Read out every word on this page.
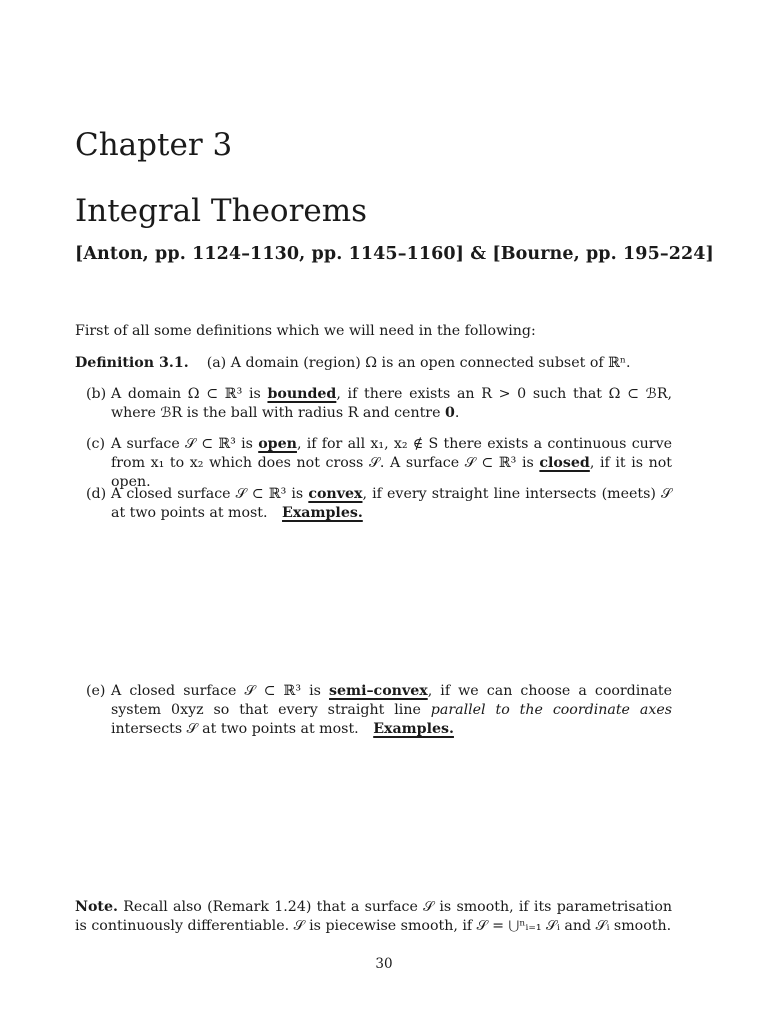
Chapter 3
Integral Theorems
[Anton, pp. 1124–1130, pp. 1145–1160] & [Bourne, pp. 195–224]
First of all some definitions which we will need in the following:
Definition 3.1. (a) A domain (region) Ω is an open connected subset of ℝⁿ.
(b) A domain Ω ⊂ ℝ³ is bounded, if there exists an R > 0 such that Ω ⊂ ℬR, where ℬR is the ball with radius R and centre 0.
(c) A surface 𝒮 ⊂ ℝ³ is open, if for all x₁, x₂ ∉ S there exists a continuous curve from x₁ to x₂ which does not cross 𝒮. A surface 𝒮 ⊂ ℝ³ is closed, if it is not open.
(d) A closed surface 𝒮 ⊂ ℝ³ is convex, if every straight line intersects (meets) 𝒮 at two points at most. Examples.
(e) A closed surface 𝒮 ⊂ ℝ³ is semi–convex, if we can choose a coordinate system 0xyz so that every straight line parallel to the coordinate axes intersects 𝒮 at two points at most. Examples.
Note. Recall also (Remark 1.24) that a surface 𝒮 is smooth, if its parametrisation is continuously differentiable. 𝒮 is piecewise smooth, if 𝒮 = ⋃ⁿᵢ₌₁ 𝒮ᵢ and 𝒮ᵢ smooth.
30
